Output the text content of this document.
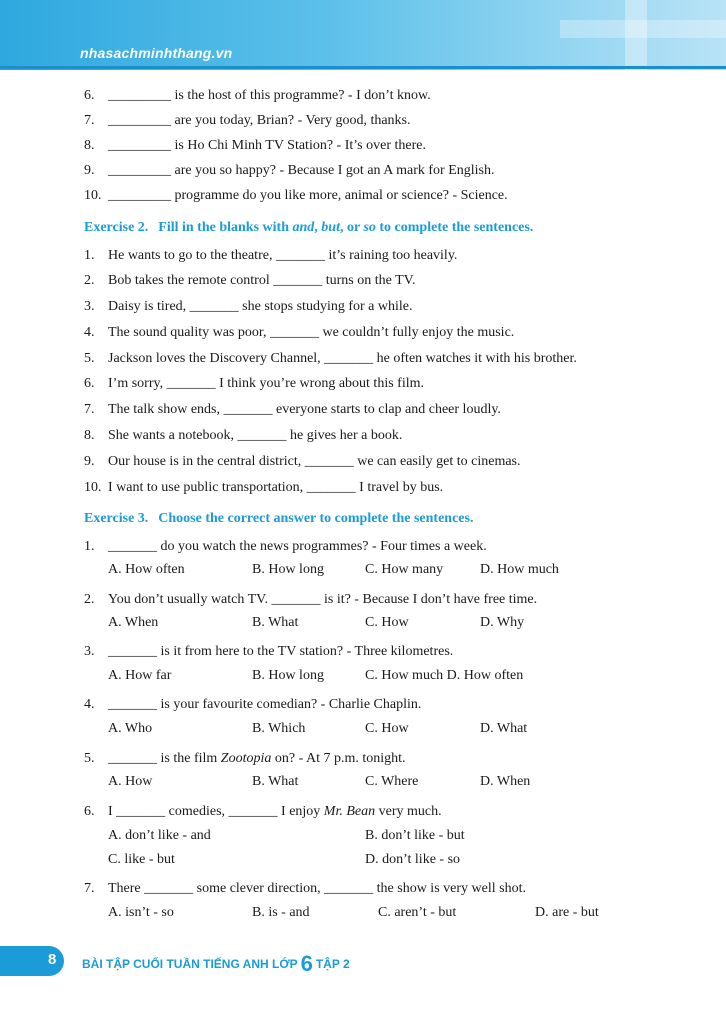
nhasachminhthang.vn
6. _________ is the host of this programme? - I don’t know.
7. _________ are you today, Brian? - Very good, thanks.
8. _________ is Ho Chi Minh TV Station? - It’s over there.
9. _________ are you so happy? - Because I got an A mark for English.
10. _________ programme do you like more, animal or science? - Science.
Exercise 2. Fill in the blanks with and, but, or so to complete the sentences.
1. He wants to go to the theatre, _______ it’s raining too heavily.
2. Bob takes the remote control _______ turns on the TV.
3. Daisy is tired, _______ she stops studying for a while.
4. The sound quality was poor, _______ we couldn’t fully enjoy the music.
5. Jackson loves the Discovery Channel, _______ he often watches it with his brother.
6. I’m sorry, _______ I think you’re wrong about this film.
7. The talk show ends, _______ everyone starts to clap and cheer loudly.
8. She wants a notebook, _______ he gives her a book.
9. Our house is in the central district, _______ we can easily get to cinemas.
10. I want to use public transportation, _______ I travel by bus.
Exercise 3. Choose the correct answer to complete the sentences.
1. _______ do you watch the news programmes? - Four times a week.
A. How often	B. How long	C. How many	D. How much
2. You don’t usually watch TV. _______ is it? - Because I don’t have free time.
A. When	B. What	C. How	D. Why
3. _______ is it from here to the TV station? - Three kilometres.
A. How far	B. How long	C. How much D. How often
4. _______ is your favourite comedian? - Charlie Chaplin.
A. Who	B. Which	C. How	D. What
5. _______ is the film Zootopia on? - At 7 p.m. tonight.
A. How	B. What	C. Where	D. When
6. I _______ comedies, _______ I enjoy Mr. Bean very much.
A. don’t like - and	B. don’t like - but
C. like - but	D. don’t like - so
7. There _______ some clever direction, _______ the show is very well shot.
A. isn’t - so	B. is - and	C. aren’t - but	D. are - but
8 BÀI TẬP CUỐI TUẦN TIẾNG ANH LỚP 6 TẬP 2
